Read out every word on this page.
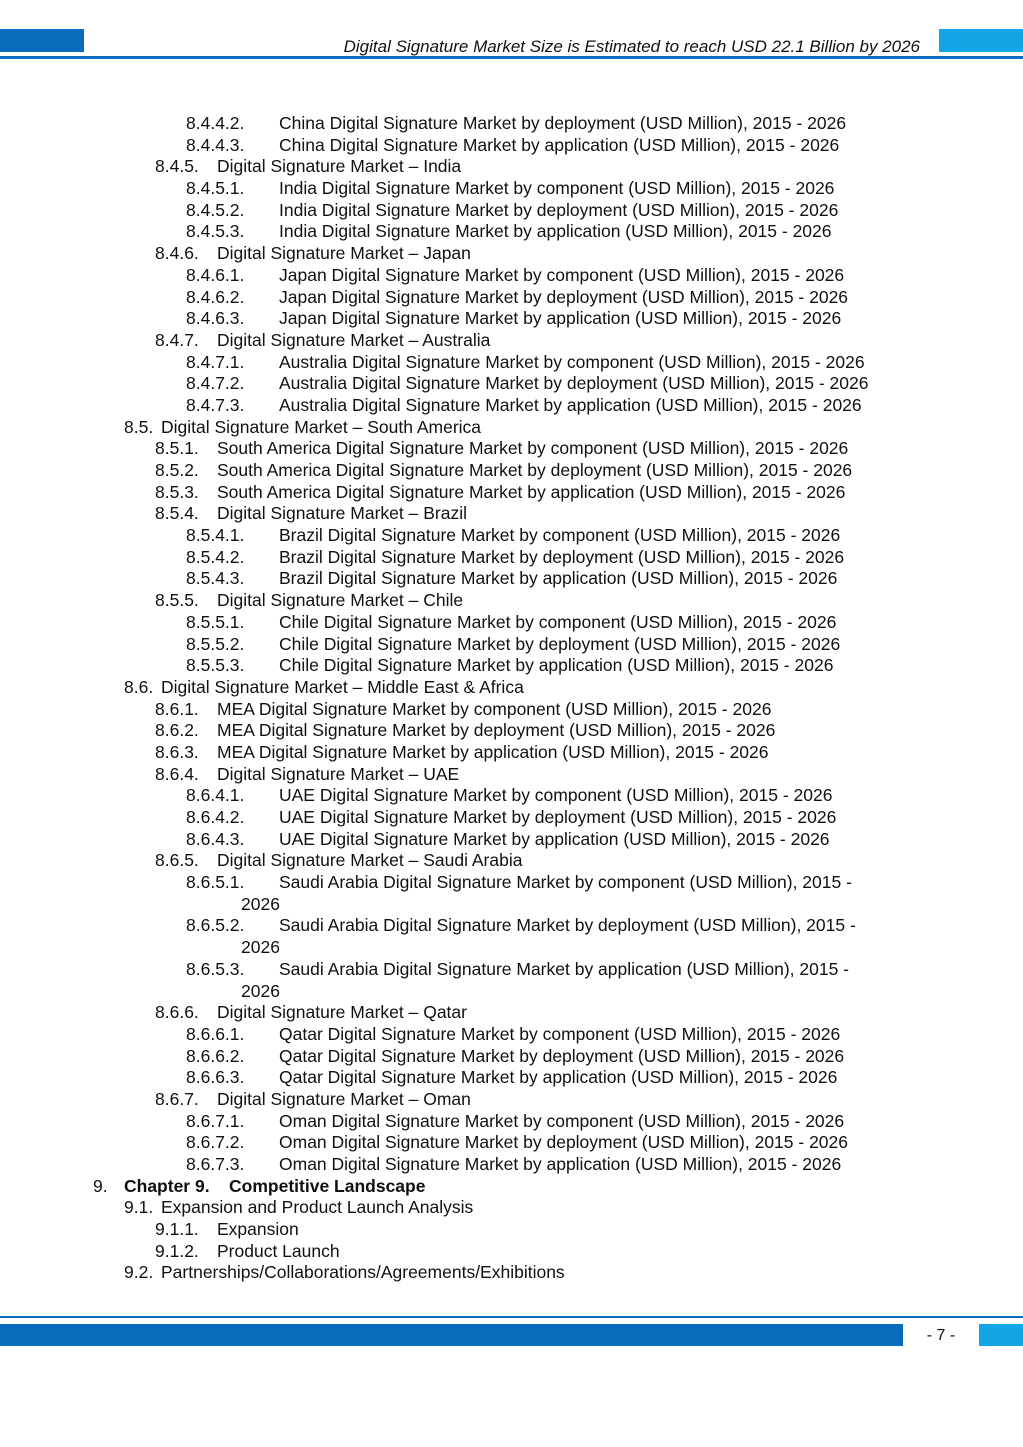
Digital Signature Market Size is Estimated to reach USD 22.1 Billion by 2026
8.4.4.2. China Digital Signature Market by deployment (USD Million), 2015 - 2026
8.4.4.3. China Digital Signature Market by application (USD Million), 2015 - 2026
8.4.5. Digital Signature Market – India
8.4.5.1. India Digital Signature Market by component (USD Million), 2015 - 2026
8.4.5.2. India Digital Signature Market by deployment (USD Million), 2015 - 2026
8.4.5.3. India Digital Signature Market by application (USD Million), 2015 - 2026
8.4.6. Digital Signature Market – Japan
8.4.6.1. Japan Digital Signature Market by component (USD Million), 2015 - 2026
8.4.6.2. Japan Digital Signature Market by deployment (USD Million), 2015 - 2026
8.4.6.3. Japan Digital Signature Market by application (USD Million), 2015 - 2026
8.4.7. Digital Signature Market – Australia
8.4.7.1. Australia Digital Signature Market by component (USD Million), 2015 - 2026
8.4.7.2. Australia Digital Signature Market by deployment (USD Million), 2015 - 2026
8.4.7.3. Australia Digital Signature Market by application (USD Million), 2015 - 2026
8.5. Digital Signature Market – South America
8.5.1. South America Digital Signature Market by component (USD Million), 2015 - 2026
8.5.2. South America Digital Signature Market by deployment (USD Million), 2015 - 2026
8.5.3. South America Digital Signature Market by application (USD Million), 2015 - 2026
8.5.4. Digital Signature Market – Brazil
8.5.4.1. Brazil Digital Signature Market by component (USD Million), 2015 - 2026
8.5.4.2. Brazil Digital Signature Market by deployment (USD Million), 2015 - 2026
8.5.4.3. Brazil Digital Signature Market by application (USD Million), 2015 - 2026
8.5.5. Digital Signature Market – Chile
8.5.5.1. Chile Digital Signature Market by component (USD Million), 2015 - 2026
8.5.5.2. Chile Digital Signature Market by deployment (USD Million), 2015 - 2026
8.5.5.3. Chile Digital Signature Market by application (USD Million), 2015 - 2026
8.6. Digital Signature Market – Middle East & Africa
8.6.1. MEA Digital Signature Market by component (USD Million), 2015 - 2026
8.6.2. MEA Digital Signature Market by deployment (USD Million), 2015 - 2026
8.6.3. MEA Digital Signature Market by application (USD Million), 2015 - 2026
8.6.4. Digital Signature Market – UAE
8.6.4.1. UAE Digital Signature Market by component (USD Million), 2015 - 2026
8.6.4.2. UAE Digital Signature Market by deployment (USD Million), 2015 - 2026
8.6.4.3. UAE Digital Signature Market by application (USD Million), 2015 - 2026
8.6.5. Digital Signature Market – Saudi Arabia
8.6.5.1. Saudi Arabia Digital Signature Market by component (USD Million), 2015 -
2026
8.6.5.2. Saudi Arabia Digital Signature Market by deployment (USD Million), 2015 -
2026
8.6.5.3. Saudi Arabia Digital Signature Market by application (USD Million), 2015 -
2026
8.6.6. Digital Signature Market – Qatar
8.6.6.1. Qatar Digital Signature Market by component (USD Million), 2015 - 2026
8.6.6.2. Qatar Digital Signature Market by deployment (USD Million), 2015 - 2026
8.6.6.3. Qatar Digital Signature Market by application (USD Million), 2015 - 2026
8.6.7. Digital Signature Market – Oman
8.6.7.1. Oman Digital Signature Market by component (USD Million), 2015 - 2026
8.6.7.2. Oman Digital Signature Market by deployment (USD Million), 2015 - 2026
8.6.7.3. Oman Digital Signature Market by application (USD Million), 2015 - 2026
9. Chapter 9.    Competitive Landscape
9.1. Expansion and Product Launch Analysis
9.1.1. Expansion
9.1.2. Product Launch
9.2. Partnerships/Collaborations/Agreements/Exhibitions
- 7 -
